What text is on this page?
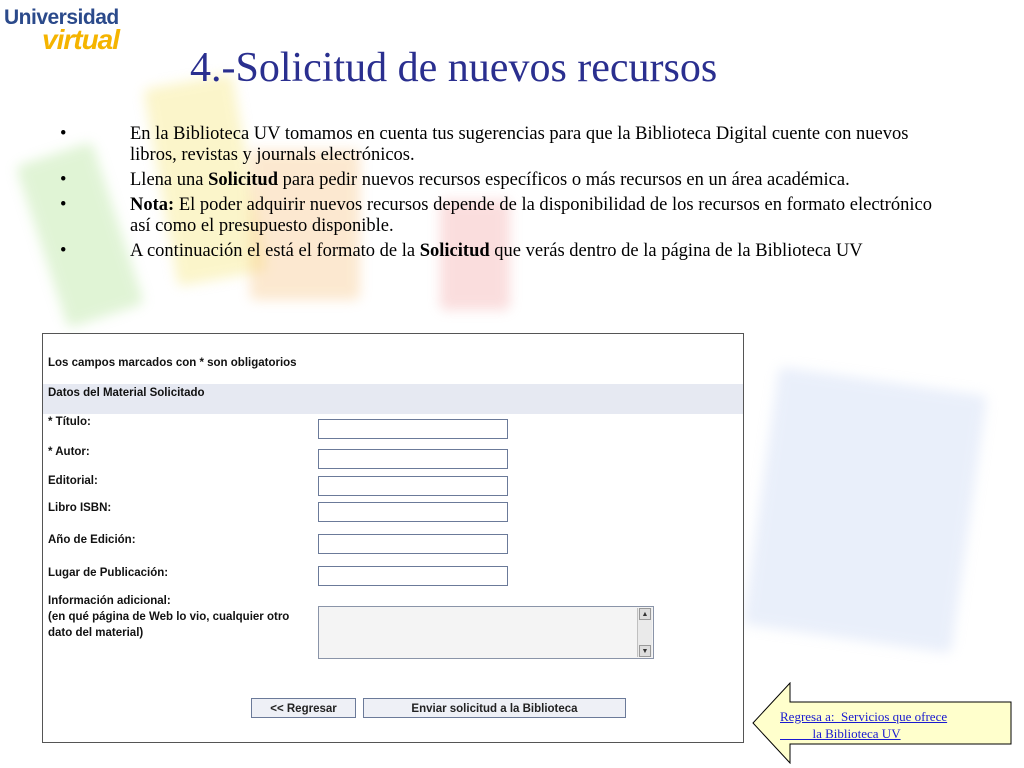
Universidad
virtual
4.-Solicitud de nuevos recursos
•	En la Biblioteca UV tomamos en cuenta tus sugerencias para que la Biblioteca Digital cuente con nuevos libros, revistas y journals electrónicos.
•	Llena una Solicitud para pedir nuevos recursos específicos o más recursos en un área académica.
•	Nota: El poder adquirir nuevos recursos depende de la disponibilidad de los recursos en formato electrónico así como el presupuesto disponible.
•	A continuación el está el formato de la Solicitud que verás dentro de la página de la Biblioteca UV
Los campos marcados con * son obligatorios
Datos del Material Solicitado
* Título:
* Autor:
Editorial:
Libro ISBN:
Año de Edición:
Lugar de Publicación:
Información adicional:
(en qué página de Web lo vio, cualquier otro
dato del material)
▲
▼
<< Regresar	Enviar solicitud a la Biblioteca	Regresa a:  Servicios que ofrece
la Biblioteca UV
